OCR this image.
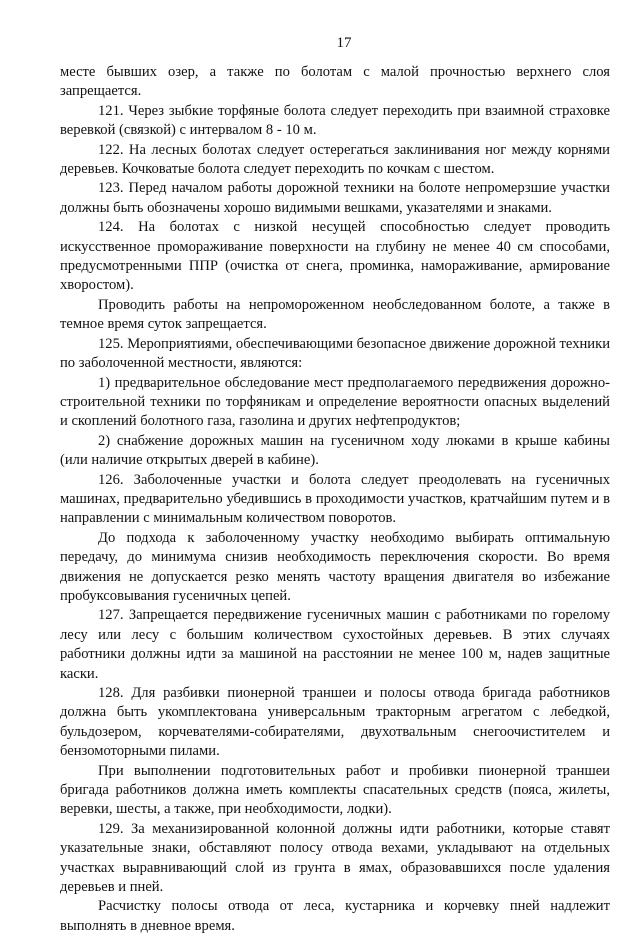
17

месте бывших озер, а также по болотам с малой прочностью верхнего слоя запрещается.

121. Через зыбкие торфяные болота следует переходить при взаимной страховке веревкой (связкой) с интервалом 8 - 10 м.

122. На лесных болотах следует остерегаться заклинивания ног между корнями деревьев. Кочковатые болота следует переходить по кочкам с шестом.

123. Перед началом работы дорожной техники на болоте непромерзшие участки должны быть обозначены хорошо видимыми вешками, указателями и знаками.

124. На болотах с низкой несущей способностью следует проводить искусственное промораживание поверхности на глубину не менее 40 см способами, предусмотренными ППР (очистка от снега, проминка, намораживание, армирование хворостом).

Проводить работы на непромороженном необследованном болоте, а также в темное время суток запрещается.

125. Мероприятиями, обеспечивающими безопасное движение дорожной техники по заболоченной местности, являются:

1) предварительное обследование мест предполагаемого передвижения дорожно-строительной техники по торфяникам и определение вероятности опасных выделений и скоплений болотного газа, газолина и других нефтепродуктов;

2) снабжение дорожных машин на гусеничном ходу люками в крыше кабины (или наличие открытых дверей в кабине).

126. Заболоченные участки и болота следует преодолевать на гусеничных машинах, предварительно убедившись в проходимости участков, кратчайшим путем и в направлении с минимальным количеством поворотов.

До подхода к заболоченному участку необходимо выбирать оптимальную передачу, до минимума снизив необходимость переключения скорости. Во время движения не допускается резко менять частоту вращения двигателя во избежание пробуксовывания гусеничных цепей.

127. Запрещается передвижение гусеничных машин с работниками по горелому лесу или лесу с большим количеством сухостойных деревьев. В этих случаях работники должны идти за машиной на расстоянии не менее 100 м, надев защитные каски.

128. Для разбивки пионерной траншеи и полосы отвода бригада работников должна быть укомплектована универсальным тракторным агрегатом с лебедкой, бульдозером, корчевателями-собирателями, двухотвальным снегоочистителем и бензомоторными пилами.

При выполнении подготовительных работ и пробивки пионерной траншеи бригада работников должна иметь комплекты спасательных средств (пояса, жилеты, веревки, шесты, а также, при необходимости, лодки).

129. За механизированной колонной должны идти работники, которые ставят указательные знаки, обставляют полосу отвода вехами, укладывают на отдельных участках выравнивающий слой из грунта в ямах, образовавшихся после удаления деревьев и пней.

Расчистку полосы отвода от леса, кустарника и корчевку пней надлежит выполнять в дневное время.
